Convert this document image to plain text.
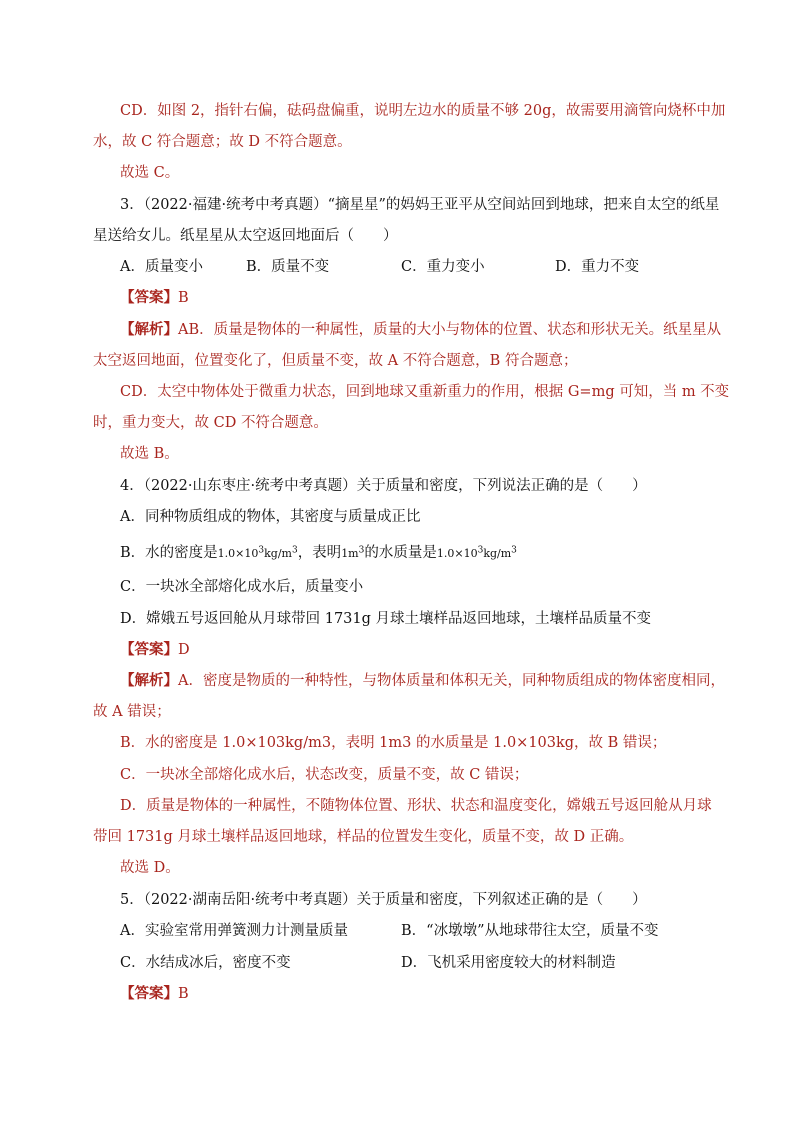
CD．如图 2，指针右偏，砝码盘偏重，说明左边水的质量不够 20g，故需要用滴管向烧杯中加
水，故 C 符合题意；故 D 不符合题意。
故选 C。
3．（2022·福建·统考中考真题）“摘星星”的妈妈王亚平从空间站回到地球，把来自太空的纸星
星送给女儿。纸星星从太空返回地面后（　　）
A．质量变小	B．质量不变	C．重力变小	D．重力不变
【答案】B
【解析】AB．质量是物体的一种属性，质量的大小与物体的位置、状态和形状无关。纸星星从
太空返回地面，位置变化了，但质量不变，故 A 不符合题意，B 符合题意；
CD．太空中物体处于微重力状态，回到地球又重新重力的作用，根据 G=mg 可知，当 m 不变
时，重力变大，故 CD 不符合题意。
故选 B。
4．（2022·山东枣庄·统考中考真题）关于质量和密度，下列说法正确的是（　　）
A．同种物质组成的物体，其密度与质量成正比
B．水的密度是$1.0\times 10^3kg/m^3$，表明$1m^3$的水质量是$1.0\times 10^3kg/m^3$
C．一块冰全部熔化成水后，质量变小
D．嫦娥五号返回舱从月球带回 1731g 月球土壤样品返回地球，土壤样品质量不变
【答案】D
【解析】A．密度是物质的一种特性，与物体质量和体积无关，同种物质组成的物体密度相同，
故 A 错误；
B．水的密度是 1.0×103kg/m3，表明 1m3 的水质量是 1.0×103kg，故 B 错误；
C．一块冰全部熔化成水后，状态改变，质量不变，故 C 错误；
D．质量是物体的一种属性，不随物体位置、形状、状态和温度变化，嫦娥五号返回舱从月球
带回 1731g 月球土壤样品返回地球，样品的位置发生变化，质量不变，故 D 正确。
故选 D。
5．（2022·湖南岳阳·统考中考真题）关于质量和密度，下列叙述正确的是（　　）
A．实验室常用弹簧测力计测量质量	B．“冰墩墩”从地球带往太空，质量不变
C．水结成冰后，密度不变	D．飞机采用密度较大的材料制造
【答案】B
